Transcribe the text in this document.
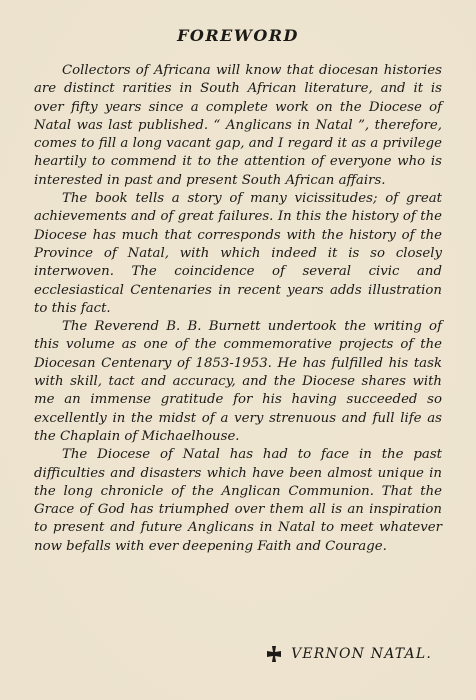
FOREWORD

Collectors of Africana will know that diocesan histories are distinct rarities in South African literature, and it is over fifty years since a complete work on the Diocese of Natal was last published. “ Anglicans in Natal ”, therefore, comes to fill a long vacant gap, and I regard it as a privilege heartily to commend it to the attention of everyone who is interested in past and present South African affairs.

The book tells a story of many vicissitudes; of great achievements and of great failures. In this the history of the Diocese has much that corresponds with the history of the Province of Natal, with which indeed it is so closely interwoven. The coincidence of several civic and ecclesiastical Centenaries in recent years adds illustration to this fact.

The Reverend B. B. Burnett undertook the writing of this volume as one of the commemorative projects of the Diocesan Centenary of 1853-1953. He has fulfilled his task with skill, tact and accuracy, and the Diocese shares with me an immense gratitude for his having succeeded so excellently in the midst of a very strenuous and full life as the Chaplain of Michaelhouse.

The Diocese of Natal has had to face in the past difficulties and disasters which have been almost unique in the long chronicle of the Anglican Communion. That the Grace of God has triumphed over them all is an inspiration to present and future Anglicans in Natal to meet whatever now befalls with ever deepening Faith and Courage.

VERNON NATAL.
